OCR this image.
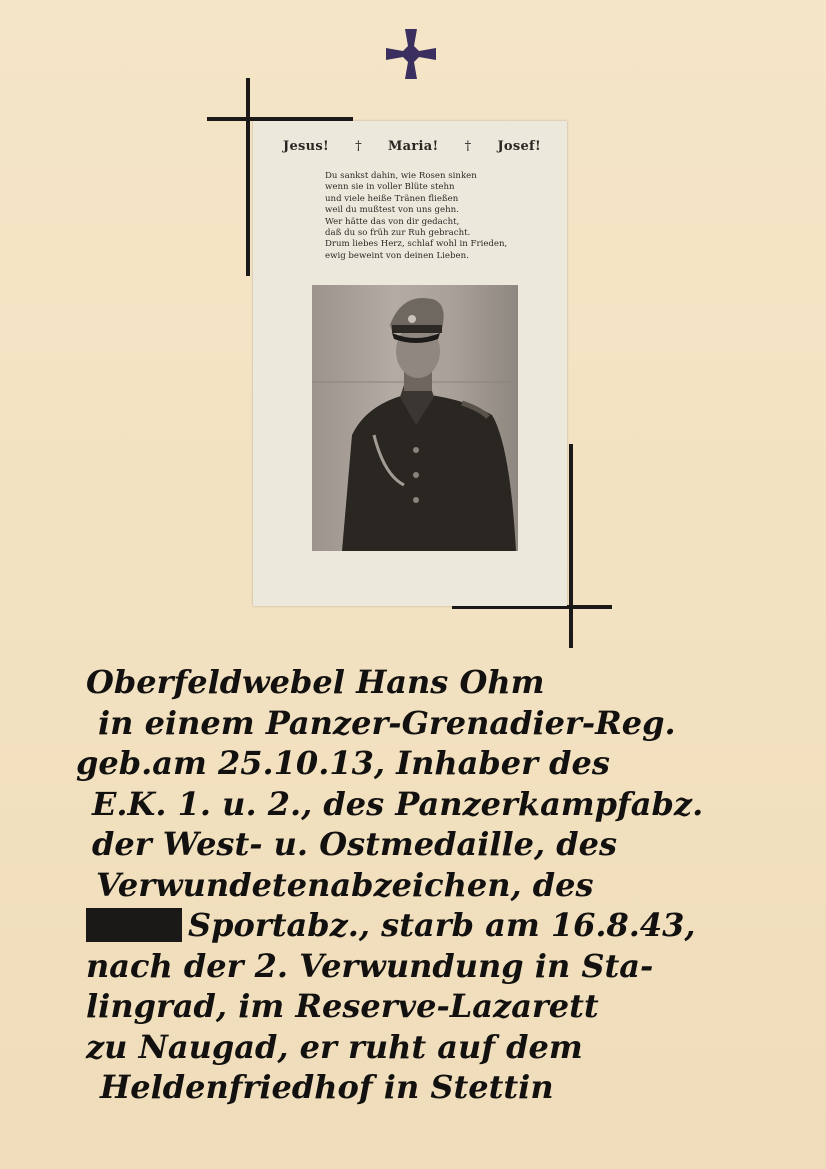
Jesus! † Maria! † Josef!
Du sankst dahin, wie Rosen sinken
wenn sie in voller Blüte stehn
und viele heiße Tränen fließen
weil du mußtest von uns gehn.
Wer hätte das von dir gedacht,
daß du so früh zur Ruh gebracht.
Drum liebes Herz, schlaf wohl in Frieden,
ewig beweint von deinen Lieben.
Oberfeldwebel Hans Ohm
in einem Panzer-Grenadier-Reg.
geb.am 25.10.13, Inhaber des
E.K. 1. u. 2., des Panzerkampfabz.
der West- u. Ostmedaille, des
Verwundetenabzeichen, des
Sportabz., starb am 16.8.43,
nach der 2. Verwundung in Sta-
lingrad, im Reserve-Lazarett
zu Naugad, er ruht auf dem
Heldenfriedhof in Stettin
